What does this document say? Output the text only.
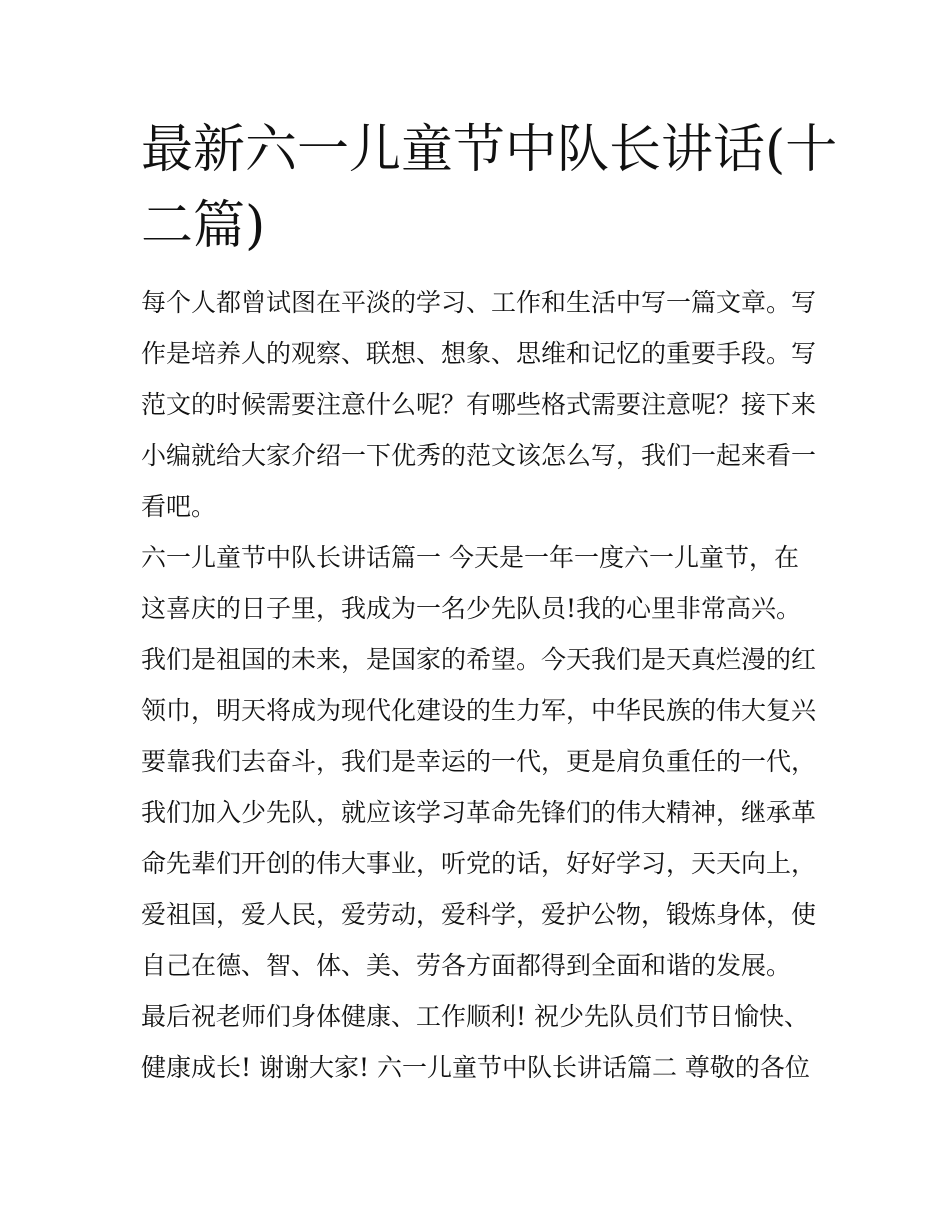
最新六一儿童节中队长讲话(十
二篇)
每个人都曾试图在平淡的学习、工作和生活中写一篇文章。写
作是培养人的观察、联想、想象、思维和记忆的重要手段。写
范文的时候需要注意什么呢？有哪些格式需要注意呢？接下来
小编就给大家介绍一下优秀的范文该怎么写，我们一起来看一
看吧。
六一儿童节中队长讲话篇一 今天是一年一度六一儿童节，在
这喜庆的日子里，我成为一名少先队员!我的心里非常高兴。
我们是祖国的未来，是国家的希望。今天我们是天真烂漫的红
领巾，明天将成为现代化建设的生力军，中华民族的伟大复兴
要靠我们去奋斗，我们是幸运的一代，更是肩负重任的一代，
我们加入少先队，就应该学习革命先锋们的伟大精神，继承革
命先辈们开创的伟大事业，听党的话，好好学习，天天向上，
爱祖国，爱人民，爱劳动，爱科学，爱护公物，锻炼身体，使
自己在德、智、体、美、劳各方面都得到全面和谐的发展。
最后祝老师们身体健康、工作顺利! 祝少先队员们节日愉快、
健康成长! 谢谢大家! 六一儿童节中队长讲话篇二 尊敬的各位
